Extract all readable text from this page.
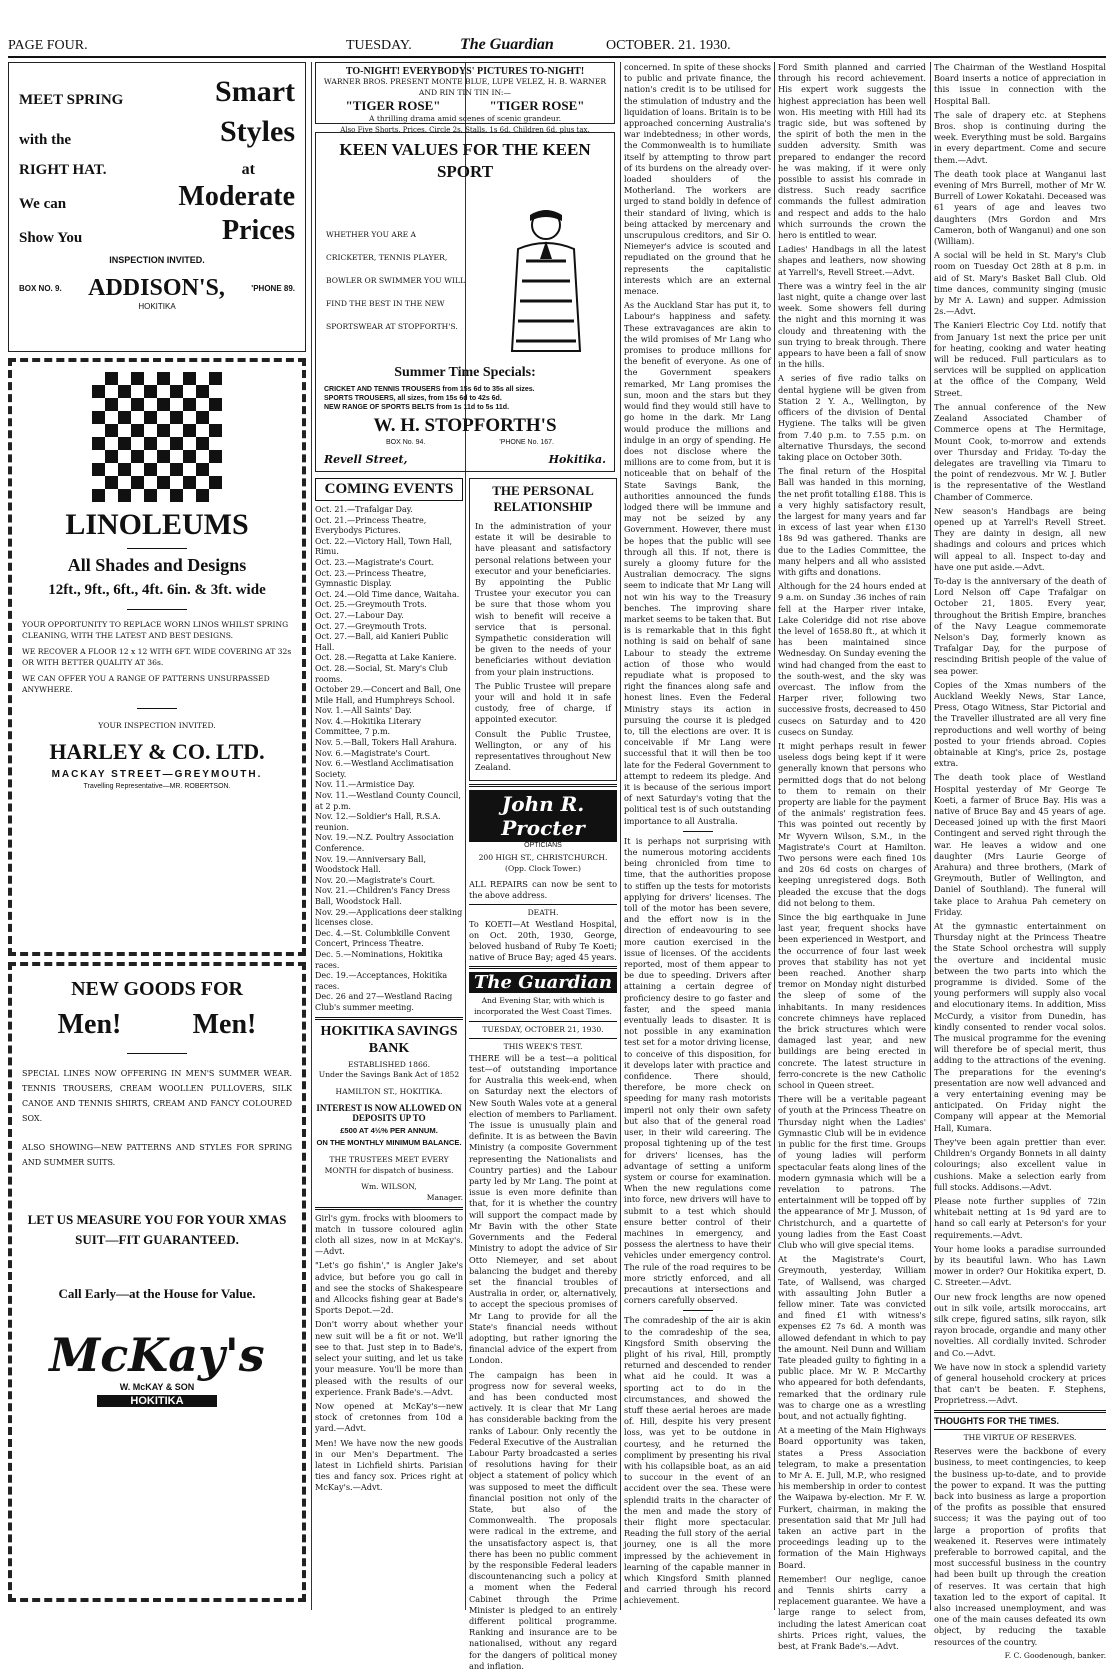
PAGE FOUR.	TUESDAY.	The Guardian	OCTOBER. 21. 1930.
MEET SPRING	Smart
with the	Styles
RIGHT HAT.	at
We can	Moderate
Show You	Prices
INSPECTION INVITED.
BOX NO. 9. ADDISON'S,	'PHONE 89.
HOKITIKA
LINOLEUMS
All Shades and Designs
12ft., 9ft., 6ft., 4ft. 6in. & 3ft. wide

YOUR OPPORTUNITY TO REPLACE WORN LINOS WHILST SPRING CLEANING, WITH THE LATEST AND BEST DESIGNS.

WE RECOVER A FLOOR 12 x 12 WITH 6FT. WIDE COVERING AT 32s OR WITH BETTER QUALITY AT 36s.

WE CAN OFFER YOU A RANGE OF PATTERNS UNSURPASSED ANYWHERE.

YOUR INSPECTION INVITED.
HARLEY & CO. LTD.
MACKAY STREET—GREYMOUTH.
Travelling Representative—MR. ROBERTSON.
NEW GOODS FOR
Men!	Men!

SPECIAL LINES NOW OFFERING IN MEN'S SUMMER WEAR. TENNIS TROUSERS, CREAM WOOLLEN PULLOVERS, SILK CANOE AND TENNIS SHIRTS, CREAM AND FANCY COLOURED SOX.

ALSO SHOWING—NEW PATTERNS AND STYLES FOR SPRING AND SUMMER SUITS.

LET US MEASURE YOU FOR YOUR XMAS SUIT—FIT GUARANTEED.
Call Early—at the House for Value.
McKay's
W. McKAY & SON
HOKITIKA
TO-NIGHT! EVERYBODYS' PICTURES TO-NIGHT!
WARNER BROS. PRESENT MONTE BLUE, LUPE VELEZ, H. B. WARNER AND RIN TIN TIN IN:—
"TIGER ROSE"	"TIGER ROSE"
A thrilling drama amid scenes of scenic grandeur.
Also Five Shorts. Prices, Circle 2s, Stalls, 1s 6d, Children 6d, plus tax.
KEEN VALUES FOR THE KEEN SPORT
WHETHER YOU ARE A CRICKETER, TENNIS PLAYER, BOWLER OR SWIMMER YOU WILL FIND THE BEST IN THE NEW SPORTSWEAR AT STOPFORTH'S.
Summer Time Specials:
CRICKET AND TENNIS TROUSERS from 15s 6d to 35s all sizes.
SPORTS TROUSERS, all sizes, from 15s 6d to 42s 6d.
NEW RANGE OF SPORTS BELTS from 1s 11d to 5s 11d.
W. H. STOPFORTH'S
BOX No. 94.	'PHONE No. 167.
Revell Street,	Hokitika.
COMING EVENTS

Oct. 21.—Trafalgar Day.

Oct. 21.—Princess Theatre, Everybodys Pictures.

Oct. 22.—Victory Hall, Town Hall, Rimu.

Oct. 23.—Magistrate's Court.

Oct. 23.—Princess Theatre, Gymnastic Display.

Oct. 24.—Old Time dance, Waitaha.

Oct. 25.—Greymouth Trots.

Oct. 27.—Labour Day.

Oct. 27.—Greymouth Trots.

Oct. 27.—Ball, aid Kanieri Public Hall.

Oct. 28.—Regatta at Lake Kaniere.

Oct. 28.—Social, St. Mary's Club rooms.

October 29.—Concert and Ball, One Mile Hall, and Humphreys School.

Nov. 1.—All Saints' Day.

Nov. 4.—Hokitika Literary Committee, 7 p.m.

Nov. 5.—Ball, Tokers Hall Arahura.

Nov. 6.—Magistrate's Court.

Nov. 6.—Westland Acclimatisation Society.

Nov. 11.—Armistice Day.

Nov. 11.—Westland County Council, at 2 p.m.

Nov. 12.—Soldier's Hall, R.S.A. reunion.

Nov. 19.—N.Z. Poultry Association Conference.

Nov. 19.—Anniversary Ball, Woodstock Hall.

Nov. 20.—Magistrate's Court.

Nov. 21.—Children's Fancy Dress Ball, Woodstock Hall.

Nov. 29.—Applications deer stalking licenses close.

Dec. 4.—St. Columbkille Convent Concert, Princess Theatre.

Dec. 5.—Nominations, Hokitika races.

Dec. 19.—Acceptances, Hokitika races.

Dec. 26 and 27—Westland Racing Club's summer meeting.

HOKITIKA SAVINGS BANK
ESTABLISHED 1866.
Under the Savings Bank Act of 1852
HAMILTON ST., HOKITIKA.
INTEREST IS NOW ALLOWED ON DEPOSITS UP TO
£500 AT 4½% PER ANNUM.
ON THE MONTHLY MINIMUM BALANCE.
THE TRUSTEES MEET EVERY MONTH for dispatch of business.
Wm. WILSON,
Manager.

Girl's gym. frocks with bloomers to match in tussore coloured aglin cloth all sizes, now in at McKay's.—Advt.

"Let's go fishin'," is Angler Jake's advice, but before you go call in and see the stocks of Shakespeare and Allcocks fishing gear at Bade's Sports Depot.—2d.

Don't worry about whether your new suit will be a fit or not. We'll see to that. Just step in to Bade's, select your suiting, and let us take your measure. You'll be more than pleased with the results of our experience. Frank Bade's.—Advt.

Now opened at McKay's—new stock of cretonnes from 10d a yard.—Advt.

Men! We have now the new goods in our Men's Department. The latest in Lichfield shirts. Parisian ties and fancy sox. Prices right at McKay's.—Advt.

THE PERSONAL RELATIONSHIP

In the administration of your estate it will be desirable to have pleasant and satisfactory personal relations between your executor and your beneficiaries. By appointing the Public Trustee your executor you can be sure that those whom you wish to benefit will receive a service that is personal. Sympathetic consideration will be given to the needs of your beneficiaries without deviation from your plain instructions.

The Public Trustee will prepare your will and hold it in safe custody, free of charge, if appointed executor.

Consult the Public Trustee, Wellington, or any of his representatives throughout New Zealand.

John R. Procter
OPTICIANS
200 HIGH ST., CHRISTCHURCH.
(Opp. Clock Tower.)

ALL REPAIRS can now be sent to the above address.

DEATH.

To KOETI—At Westland Hospital, on Oct. 20th, 1930, George, beloved husband of Ruby Te Koeti; native of Bruce Bay; aged 45 years.

The Guardian
And Evening Star, with which is incorporated the West Coast Times.
TUESDAY, OCTOBER 21, 1930.
THIS WEEK'S TEST.

THERE will be a test—a political test—of outstanding importance for Australia this week-end, when on Saturday next the electors of New South Wales vote at a general election of members to Parliament. The issue is unusually plain and definite. It is as between the Bavin Ministry (a composite Government representing the Nationalists and Country parties) and the Labour party led by Mr Lang. The point at issue is even more definite than that, for it is whether the country will support the compact made by Mr Bavin with the other State Governments and the Federal Ministry to adopt the advice of Sir Otto Niemeyer, and set about balancing the budget and thereby set the financial troubles of Australia in order, or, alternatively, to accept the specious promises of Mr Lang to provide for all the State's financial needs without adopting, but rather ignoring the financial advice of the expert from London.

The campaign has been in progress now for several weeks, and has been conducted most actively. It is clear that Mr Lang has considerable backing from the ranks of Labour. Only recently the Federal Executive of the Australian Labour Party broadcasted a series of resolutions having for their object a statement of policy which was supposed to meet the difficult financial position not only of the State, but also of the Commonwealth. The proposals were radical in the extreme, and the unsatisfactory aspect is, that there has been no public comment by the responsible Federal leaders discountenancing such a policy at a moment when the Federal Cabinet through the Prime Minister is pledged to an entirely different political programme. Ranking and insurance are to be nationalised, without any regard for the dangers of political money and inflation.

concerned. In spite of these shocks to public and private finance, the nation's credit is to be utilised for the stimulation of industry and the liquidation of loans. Britain is to be approached concerning Australia's war indebtedness; in other words, the Commonwealth is to humiliate itself by attempting to throw part of its burdens on the already over-loaded shoulders of the Motherland. The workers are urged to stand boldly in defence of their standard of living, which is being attacked by mercenary and unscrupulous creditors, and Sir O. Niemeyer's advice is scouted and repudiated on the ground that he represents the capitalistic interests which are an external menace.

As the Auckland Star has put it, to Labour's happiness and safety. These extravagances are akin to the wild promises of Mr Lang who promises to produce millions for the benefit of everyone. As one of the Government speakers remarked, Mr Lang promises the sun, moon and the stars but they would find they would still have to go home in the dark. Mr Lang would produce the millions and indulge in an orgy of spending. He does not disclose where the millions are to come from, but it is noticeable that on behalf of the State Savings Bank, the authorities announced the funds lodged there will be immune and may not be seized by any Government. However, there must be hopes that the public will see through all this. If not, there is surely a gloomy future for the Australian democracy. The signs seem to indicate that Mr Lang will not win his way to the Treasury benches. The improving share market seems to be taken that. But is is remarkable that in this fight nothing is said on behalf of sane Labour to steady the extreme action of those who would repudiate what is proposed to right the finances along safe and honest lines. Even the Federal Ministry stays its action in pursuing the course it is pledged to, till the elections are over. It is conceivable if Mr Lang were successful that it will then be too late for the Federal Government to attempt to redeem its pledge. And it is because of the serious import of next Saturday's voting that the political test is of such outstanding importance to all Australia.

It is perhaps not surprising with the numerous motoring accidents being chronicled from time to time, that the authorities propose to stiffen up the tests for motorists applying for drivers' licenses. The toll of the motor has been severe, and the effort now is in the direction of endeavouring to see more caution exercised in the issue of licenses. Of the accidents reported, most of them appear to be due to speeding. Drivers after attaining a certain degree of proficiency desire to go faster and faster, and the speed mania eventually leads to disaster. It is not possible in any examination test set for a motor driving license, to conceive of this disposition, for it develops later with practice and confidence. There should, therefore, be more check on speeding for many rash motorists imperil not only their own safety but also that of the general road user, in their wild careering. The proposal tightening up of the test for drivers' licenses, has the advantage of setting a uniform system or course for examination. When the new regulations come into force, new drivers will have to submit to a test which should ensure better control of their machines in emergency, and possess the alertness to have their vehicles under emergency control. The rule of the road requires to be more strictly enforced, and all precautions at intersections and corners carefully observed.

The comradeship of the air is akin to the comradeship of the sea, Kingsford Smith observing the plight of his rival, Hill, promptly returned and descended to render what aid he could. It was a sporting act to do in the circumstances, and showed the stuff these aerial heroes are made of. Hill, despite his very present loss, was yet to be outdone in courtesy, and he returned the compliment by presenting his rival with his collapsible boat, as an aid to succour in the event of an accident over the sea. These were splendid traits in the character of the men and made the story of their flight more spectacular. Reading the full story of the aerial journey, one is all the more impressed by the achievement in learning of the capable manner in which Kingsford Smith planned and carried through his record achievement.

Ford Smith planned and carried through his record achievement. His expert work suggests the highest appreciation has been well won. His meeting with Hill had its tragic side, but was softened by the spirit of both the men in the sudden adversity. Smith was prepared to endanger the record he was making, if it were only possible to assist his comrade in distress. Such ready sacrifice commands the fullest admiration and respect and adds to the halo which surrounds the crown the hero is entitled to wear.

Ladies' Handbags in all the latest shapes and leathers, now showing at Yarrell's, Revell Street.—Advt.

There was a wintry feel in the air last night, quite a change over last week. Some showers fell during the night and this morning it was cloudy and threatening with the sun trying to break through. There appears to have been a fall of snow in the hills.

A series of five radio talks on dental hygiene will be given from Station 2 Y. A., Wellington, by officers of the division of Dental Hygiene. The talks will be given from 7.40 p.m. to 7.55 p.m. on alternative Thursdays, the second taking place on October 30th.

The final return of the Hospital Ball was handed in this morning, the net profit totalling £188. This is a very highly satisfactory result, the largest for many years and far in excess of last year when £130 18s 9d was gathered. Thanks are due to the Ladies Committee, the many helpers and all who assisted with gifts and donations.

Although for the 24 hours ended at 9 a.m. on Sunday .36 inches of rain fell at the Harper river intake, Lake Coleridge did not rise above the level of 1658.80 ft., at which it has been maintained since Wednesday. On Sunday evening the wind had changed from the east to the south-west, and the sky was overcast. The inflow from the Harper river, following two successive frosts, decreased to 450 cusecs on Saturday and to 420 cusecs on Sunday.

It might perhaps result in fewer useless dogs being kept if it were generally known that persons who permitted dogs that do not belong to them to remain on their property are liable for the payment of the animals' registration fees. This was pointed out recently by Mr Wyvern Wilson, S.M., in the Magistrate's Court at Hamilton. Two persons were each fined 10s and 20s 6d costs on charges of keeping unregistered dogs. Both pleaded the excuse that the dogs did not belong to them.

Since the big earthquake in June last year, frequent shocks have been experienced in Westport, and the occurrence of four last week proves that stability has not yet been reached. Another sharp tremor on Monday night disturbed the sleep of some of the inhabitants. In many residences concrete chimneys have replaced the brick structures which were damaged last year, and new buildings are being erected in concrete. The latest structure in ferro-concrete is the new Catholic school in Queen street.

There will be a veritable pageant of youth at the Princess Theatre on Thursday night when the Ladies' Gymnastic Club will be in evidence in public for the first time. Groups of young ladies will perform spectacular feats along lines of the modern gymnasia which will be a revelation to patrons. The entertainment will be topped off by the appearance of Mr J. Musson, of Christchurch, and a quartette of young ladies from the East Coast Club who will give special items.

At the Magistrate's Court, Greymouth, yesterday, William Tate, of Wallsend, was charged with assaulting John Butler a fellow miner. Tate was convicted and fined £1 with witness's expenses £2 7s 6d. A month was allowed defendant in which to pay the amount. Neil Dunn and William Tate pleaded guilty to fighting in a public place. Mr W. P. McCarthy who appeared for both defendants, remarked that the ordinary rule was to charge one as a wrestling bout, and not actually fighting.

At a meeting of the Main Highways Board opportunity was taken, states a Press Association telegram, to make a presentation to Mr A. E. Jull, M.P., who resigned his membership in order to contest the Waipawa by-election. Mr F. W. Furkert, chairman, in making the presentation said that Mr Jull had taken an active part in the proceedings leading up to the formation of the Main Highways Board.

Remember! Our neglige, canoe and Tennis shirts carry a replacement guarantee. We have a large range to select from, including the latest American coat shirts. Prices right, values, the best, at Frank Bade's.—Advt.

The Chairman of the Westland Hospital Board inserts a notice of appreciation in this issue in connection with the Hospital Ball.

The sale of drapery etc. at Stephens Bros. shop is continuing during the week. Everything must be sold. Bargains in every department. Come and secure them.—Advt.

The death took place at Wanganui last evening of Mrs Burrell, mother of Mr W. Burrell of Lower Kokatahi. Deceased was 61 years of age and leaves two daughters (Mrs Gordon and Mrs Cameron, both of Wanganui) and one son (William).

A social will be held in St. Mary's Club room on Tuesday Oct 28th at 8 p.m. in aid of St. Mary's Basket Ball Club. Old time dances, community singing (music by Mr A. Lawn) and supper. Admission 2s.—Advt.

The Kanieri Electric Coy Ltd. notify that from January 1st next the price per unit for heating, cooking and water heating will be reduced. Full particulars as to services will be supplied on application at the office of the Company, Weld Street.

The annual conference of the New Zealand Associated Chamber of Commerce opens at The Hermitage, Mount Cook, to-morrow and extends over Thursday and Friday. To-day the delegates are travelling via Timaru to the point of rendezvous. Mr W. J. Butler is the representative of the Westland Chamber of Commerce.

New season's Handbags are being opened up at Yarrell's Revell Street. They are dainty in design, all new shadings and colours and prices which will appeal to all. Inspect to-day and have one put aside.—Advt.

To-day is the anniversary of the death of Lord Nelson off Cape Trafalgar on October 21, 1805. Every year, throughout the British Empire, branches of the Navy League commemorate Nelson's Day, formerly known as Trafalgar Day, for the purpose of rescinding British people of the value of sea power.

Copies of the Xmas numbers of the Auckland Weekly News, Star Lance, Press, Otago Witness, Star Pictorial and the Traveller illustrated are all very fine reproductions and well worthy of being posted to your friends abroad. Copies obtainable at King's, price 2s, postage extra.

The death took place of Westland Hospital yesterday of Mr George Te Koeti, a farmer of Bruce Bay. His was a native of Bruce Bay and 45 years of age. Deceased joined up with the first Maori Contingent and served right through the war. He leaves a widow and one daughter (Mrs Laurie George of Arahura) and three brothers, (Mark of Greymouth, Butler of Wellington, and Daniel of Southland). The funeral will take place to Arahua Pah cemetery on Friday.

At the gymnastic entertainment on Thursday night at the Princess Theatre the State School orchestra will supply the overture and incidental music between the two parts into which the programme is divided. Some of the young performers will supply also vocal and elocutionary items. In addition, Miss McCurdy, a visitor from Dunedin, has kindly consented to render vocal solos. The musical programme for the evening will therefore be of special merit, thus adding to the attractions of the evening. The preparations for the evening's presentation are now well advanced and a very entertaining evening may be anticipated. On Friday night the Company will appear at the Memorial Hall, Kumara.

They've been again prettier than ever. Children's Organdy Bonnets in all dainty colourings; also excellent value in cushions. Make a selection early from full stocks. Addisons.—Advt.

Please note further supplies of 72in whitebait netting at 1s 9d yard are to hand so call early at Peterson's for your requirements.—Advt.

Your home looks a paradise surrounded by its beautiful lawn. Who has Lawn mower in order? Our Hokitika expert, D. C. Streeter.—Advt.

Our new frock lengths are now opened out in silk voile, artsilk moroccains, art silk crepe, figured satins, silk rayon, silk rayon brocade, organdie and many other novelties. All cordially invited. Schroder and Co.—Advt.

We have now in stock a splendid variety of general household crockery at prices that can't be beaten. F. Stephens, Proprietress.—Advt.

THOUGHTS FOR THE TIMES.
THE VIRTUE OF RESERVES.

Reserves were the backbone of every business, to meet contingencies, to keep the business up-to-date, and to provide the power to expand. It was the putting back into business as large a proportion of the profits as possible that ensured success; it was the paying out of too large a proportion of profits that weakened it. Reserves were intimately preferable to borrowed capital, and the most successful business in the country had been built up through the creation of reserves. It was certain that high taxation led to the export of capital. It also increased unemployment, and was one of the main causes defeated its own object, by reducing the taxable resources of the country.

F. C. Goodenough, banker.
